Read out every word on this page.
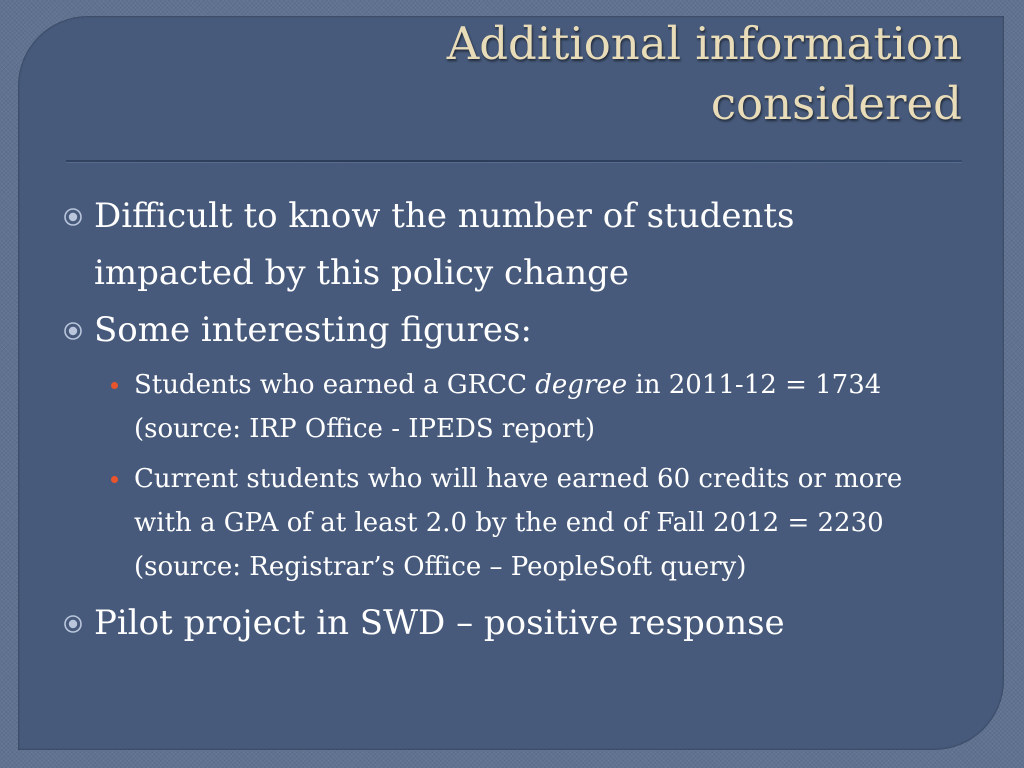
Additional information
considered

Difficult to know the number of students impacted by this policy change

Some interesting figures:

Students who earned a GRCC degree in 2011-12 = 1734 (source: IRP Office - IPEDS report)

Current students who will have earned 60 credits or more with a GPA of at least 2.0 by the end of Fall 2012 = 2230 (source: Registrar’s Office – PeopleSoft query)

Pilot project in SWD – positive response
